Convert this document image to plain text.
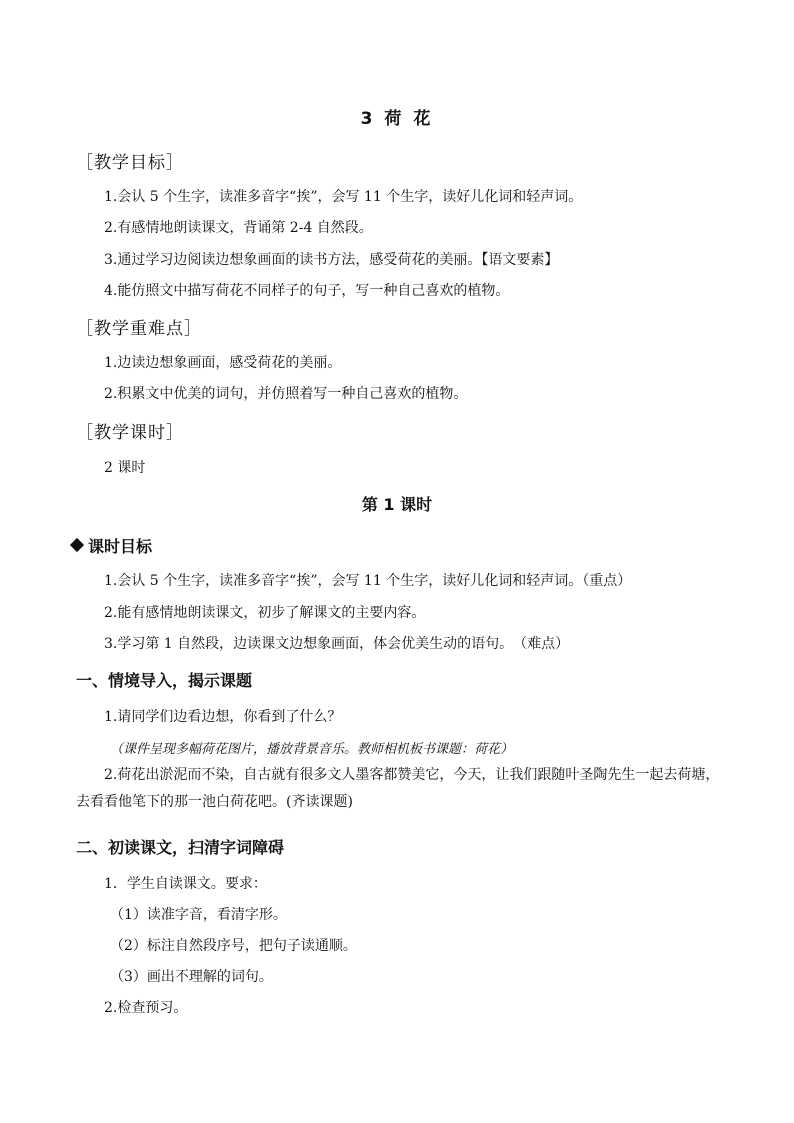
3 荷 花
［教学目标］
1.会认 5 个生字，读准多音字“挨”，会写 11 个生字，读好儿化词和轻声词。
2.有感情地朗读课文，背诵第 2-4 自然段。
3.通过学习边阅读边想象画面的读书方法，感受荷花的美丽。【语文要素】
4.能仿照文中描写荷花不同样子的句子，写一种自己喜欢的植物。
［教学重难点］
1.边读边想象画面，感受荷花的美丽。
2.积累文中优美的词句，并仿照着写一种自己喜欢的植物。
［教学课时］
2 课时
第 1 课时
课时目标
1.会认 5 个生字，读准多音字“挨”，会写 11 个生字，读好儿化词和轻声词。（重点）
2.能有感情地朗读课文，初步了解课文的主要内容。
3.学习第 1 自然段，边读课文边想象画面，体会优美生动的语句。　（难点）
一、情境导入，揭示课题
1.请同学们边看边想，你看到了什么？
（课件呈现多幅荷花图片，播放背景音乐。教师相机板书课题：荷花）
2.荷花出淤泥而不染，自古就有很多文人墨客都赞美它，今天，让我们跟随叶圣陶先生一起去荷塘，去看看他笔下的那一池白荷花吧。(齐读课题)
二、初读课文，扫清字词障碍
1．学生自读课文。要求：
（1）读准字音，看清字形。
（2）标注自然段序号，把句子读通顺。
（3）画出不理解的词句。
2.检查预习。
